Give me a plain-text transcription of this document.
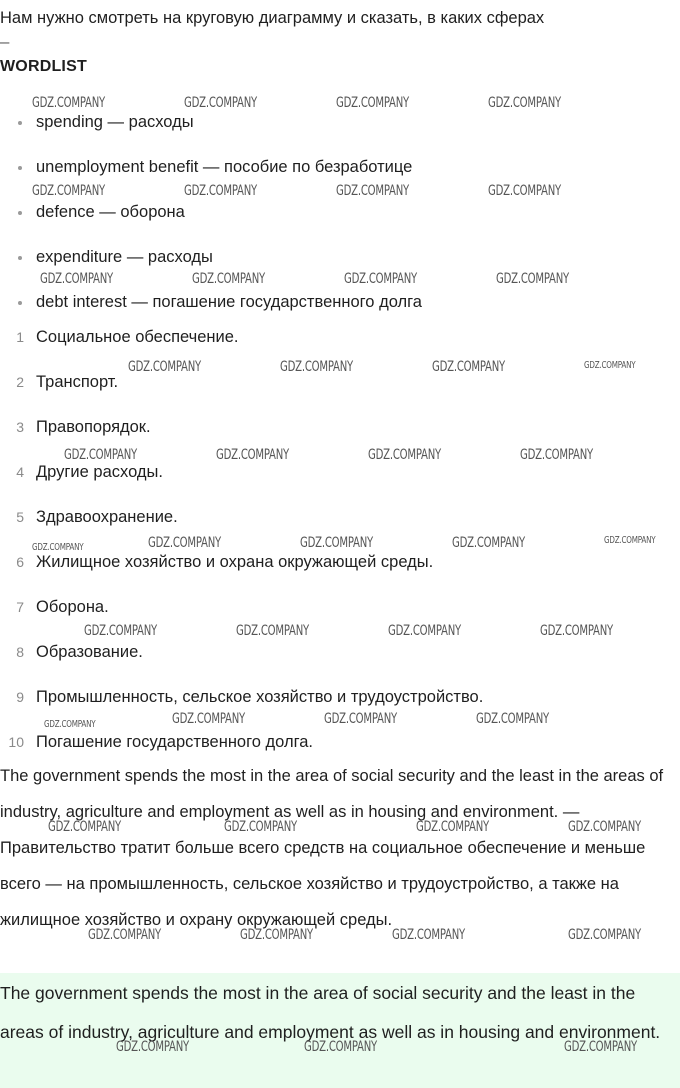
Нам нужно смотреть на круговую диаграмму и сказать, в каких сферах
_
WORDLIST
spending — расходы
unemployment benefit — пособие по безработице
defence — оборона
expenditure — расходы
debt interest — погашение государственного долга
1 Социальное обеспечение.
2 Транспорт.
3 Правопорядок.
4 Другие расходы.
5 Здравоохранение.
6 Жилищное хозяйство и охрана окружающей среды.
7 Оборона.
8 Образование.
9 Промышленность, сельское хозяйство и трудоустройство.
10 Погашение государственного долга.
The government spends the most in the area of social security and the least in the areas of industry, agriculture and employment as well as in housing and environment. — Правительство тратит больше всего средств на социальное обеспечение и меньше всего — на промышленность, сельское хозяйство и трудоустройство, а также на жилищное хозяйство и охрану окружающей среды.
The government spends the most in the area of social security and the least in the areas of industry, agriculture and employment as well as in housing and environment.
GDZ.COMPANY	GDZ.COMPANY	GDZ.COMPANY	GDZ.COMPANY
GDZ.COMPANY	GDZ.COMPANY	GDZ.COMPANY	GDZ.COMPANY
GDZ.COMPANY	GDZ.COMPANY	GDZ.COMPANY	GDZ.COMPANY
GDZ.COMPANY	GDZ.COMPANY	GDZ.COMPANY	GDZ.COMPANY
GDZ.COMPANY	GDZ.COMPANY	GDZ.COMPANY	GDZ.COMPANY
GDZ.COMPANY	GDZ.COMPANY	GDZ.COMPANY	GDZ.COMPANY	GDZ.COMPANY
GDZ.COMPANY	GDZ.COMPANY	GDZ.COMPANY	GDZ.COMPANY
GDZ.COMPANY	GDZ.COMPANY	GDZ.COMPANY	GDZ.COMPANY
GDZ.COMPANY	GDZ.COMPANY	GDZ.COMPANY	GDZ.COMPANY
GDZ.COMPANY	GDZ.COMPANY	GDZ.COMPANY	GDZ.COMPANY
GDZ.COMPANY	GDZ.COMPANY	GDZ.COMPANY
